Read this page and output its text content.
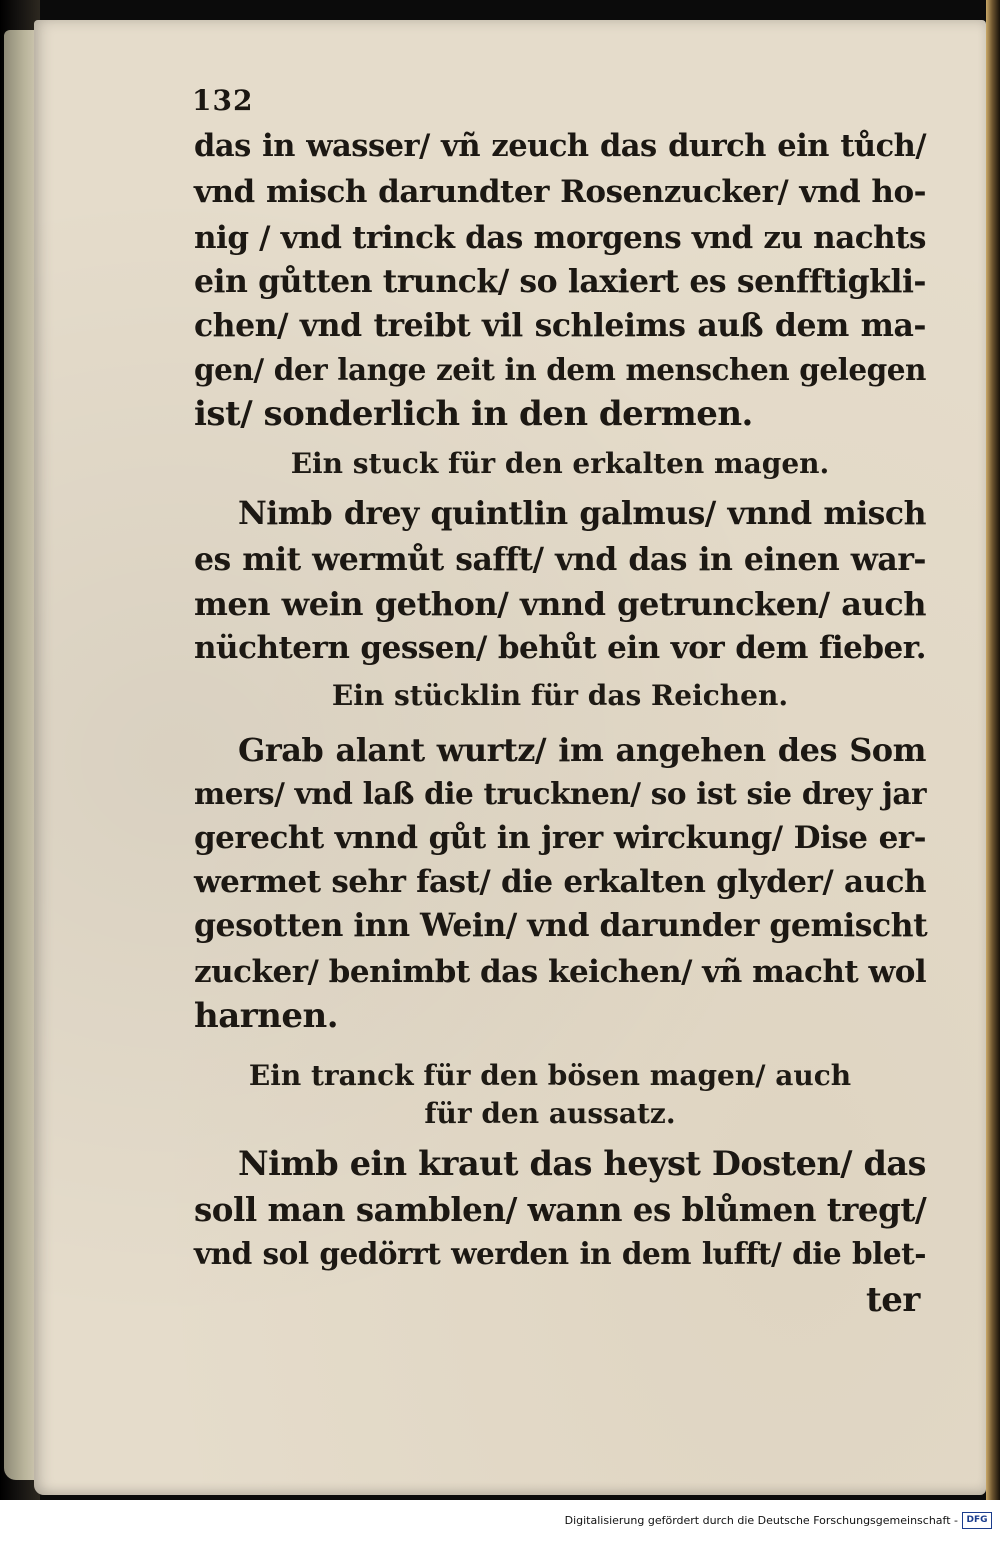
132
das in wasser/ vñ zeuch das durch ein tůch/
vnd misch darundter Rosenzucker/ vnd ho-
nig / vnd trinck das morgens vnd zu nachts
ein gůtten trunck/ so laxiert es senfftigkli-
chen/ vnd treibt vil schleims auß dem ma-
gen/ der lange zeit in dem menschen gelegen
ist/ sonderlich in den dermen.
Ein stuck für den erkalten magen.
Nimb drey quintlin galmus/ vnnd misch
es mit wermůt safft/ vnd das in einen war-
men wein gethon/ vnnd getruncken/ auch
nüchtern gessen/ behůt ein vor dem fieber.
Ein stücklin für das Reichen.
Grab alant wurtz/ im angehen des Som
mers/ vnd laß die trucknen/ so ist sie drey jar
gerecht vnnd gůt in jrer wirckung/ Dise er-
wermet sehr fast/ die erkalten glyder/ auch
gesotten inn Wein/ vnd darunder gemischt
zucker/ benimbt das keichen/ vñ macht wol
harnen.
Ein tranck für den bösen magen/ auch
für den aussatz.
Nimb ein kraut das heyst Dosten/ das
soll man samblen/ wann es blůmen tregt/
vnd sol gedörrt werden in dem lufft/ die blet-
ter
Digitalisierung gefördert durch die Deutsche Forschungsgemeinschaft - DFG
